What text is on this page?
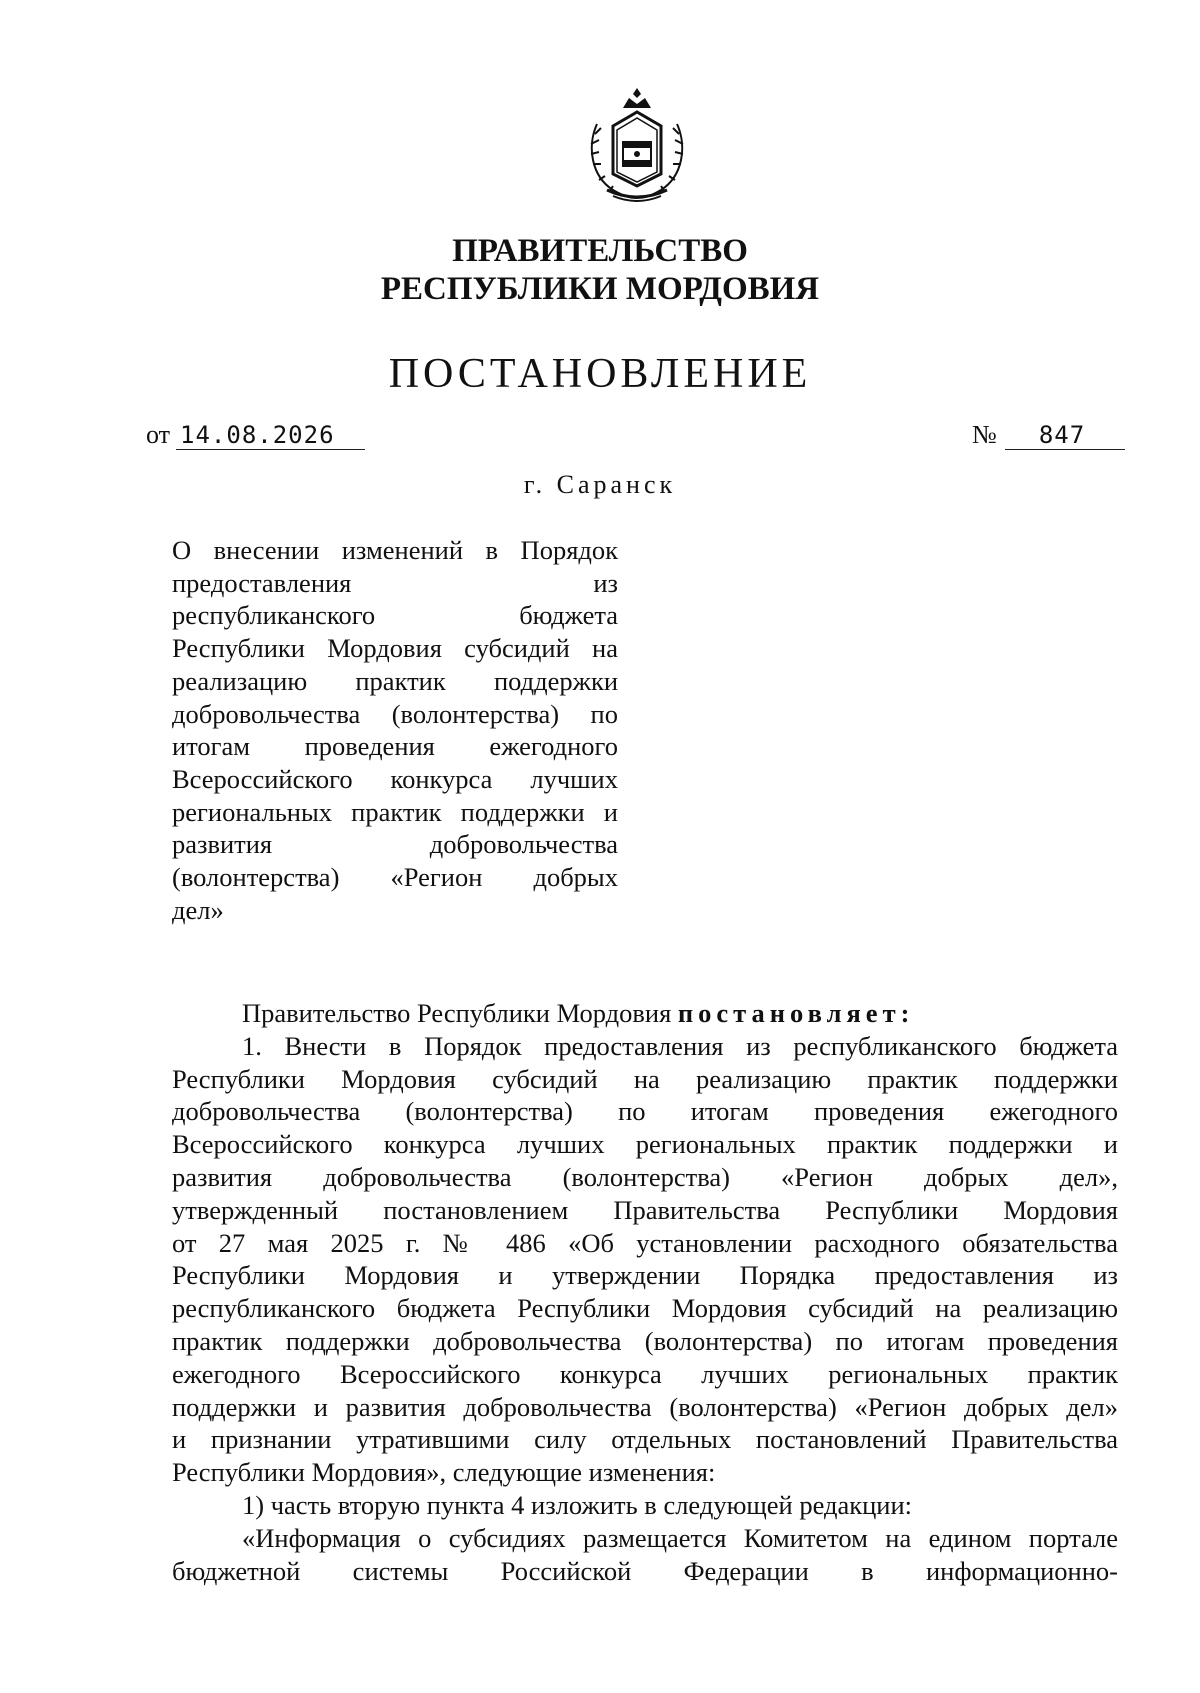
ПРАВИТЕЛЬСТВО
РЕСПУБЛИКИ МОРДОВИЯ
ПОСТАНОВЛЕНИЕ
от 14.08.2026	№	847
г. Саранск
О внесении изменений в Порядок
предоставления из
республиканского бюджета
Республики Мордовия субсидий на
реализацию практик поддержки
добровольчества (волонтерства) по
итогам проведения ежегодного
Всероссийского конкурса лучших
региональных практик поддержки и
развития добровольчества
(волонтерства) «Регион добрых
дел»
Правительство Республики Мордовия постановляет:
1. Внести в Порядок предоставления из республиканского бюджета
Республики Мордовия субсидий на реализацию практик поддержки
добровольчества (волонтерства) по итогам проведения ежегодного
Всероссийского конкурса лучших региональных практик поддержки и
развития добровольчества (волонтерства) «Регион добрых дел»,
утвержденный постановлением Правительства Республики Мордовия
от 27 мая 2025 г. № 486 «Об установлении расходного обязательства
Республики Мордовия и утверждении Порядка предоставления из
республиканского бюджета Республики Мордовия субсидий на реализацию
практик поддержки добровольчества (волонтерства) по итогам проведения
ежегодного Всероссийского конкурса лучших региональных практик
поддержки и развития добровольчества (волонтерства) «Регион добрых дел»
и признании утратившими силу отдельных постановлений Правительства
Республики Мордовия», следующие изменения:
1) часть вторую пункта 4 изложить в следующей редакции:
«Информация о субсидиях размещается Комитетом на едином портале
бюджетной системы Российской Федерации в информационно-
